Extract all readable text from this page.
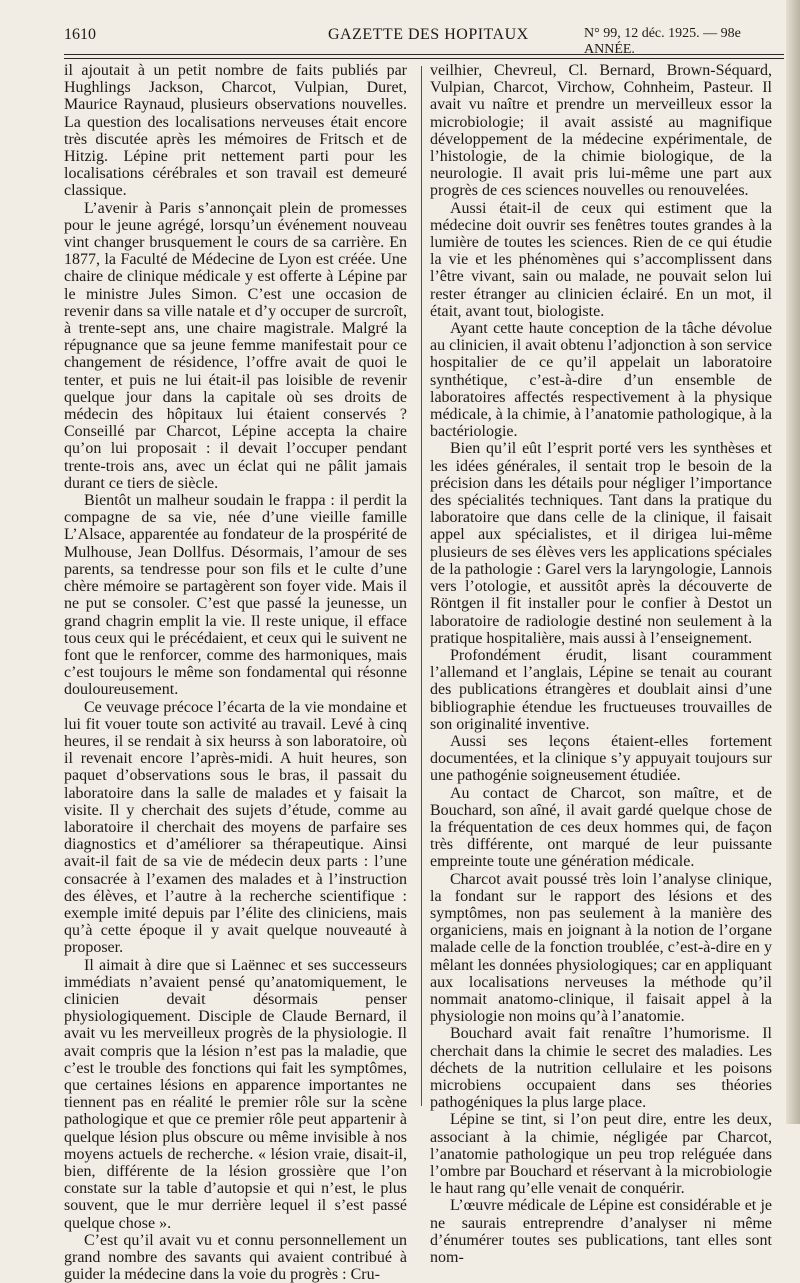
1610	GAZETTE DES HOPITAUX	N° 99, 12 déc. 1925. — 98e ANNÉE.

il ajoutait à un petit nombre de faits publiés par Hughlings Jackson, Charcot, Vulpian, Duret, Maurice Raynaud, plusieurs observations nouvelles. La question des localisations nerveuses était encore très discutée après les mémoires de Fritsch et de Hitzig. Lépine prit nettement parti pour les localisations cérébrales et son travail est demeuré classique.

L’avenir à Paris s’annonçait plein de promesses pour le jeune agrégé, lorsqu’un événement nouveau vint changer brusquement le cours de sa carrière. En 1877, la Faculté de Médecine de Lyon est créée. Une chaire de clinique médicale y est offerte à Lépine par le ministre Jules Simon. C’est une occasion de revenir dans sa ville natale et d’y occuper de surcroît, à trente-sept ans, une chaire magistrale. Malgré la répugnance que sa jeune femme manifestait pour ce changement de résidence, l’offre avait de quoi le tenter, et puis ne lui était-il pas loisible de revenir quelque jour dans la capitale où ses droits de médecin des hôpitaux lui étaient conservés ? Conseillé par Charcot, Lépine accepta la chaire qu’on lui proposait : il devait l’occuper pendant trente-trois ans, avec un éclat qui ne pâlit jamais durant ce tiers de siècle.

Bientôt un malheur soudain le frappa : il perdit la compagne de sa vie, née d’une vieille famille L’Alsace, apparentée au fondateur de la prospérité de Mulhouse, Jean Dollfus. Désormais, l’amour de ses parents, sa tendresse pour son fils et le culte d’une chère mémoire se partagèrent son foyer vide. Mais il ne put se consoler. C’est que passé la jeunesse, un grand chagrin emplit la vie. Il reste unique, il efface tous ceux qui le précédaient, et ceux qui le suivent ne font que le renforcer, comme des harmoniques, mais c’est toujours le même son fondamental qui résonne douloureusement.

Ce veuvage précoce l’écarta de la vie mondaine et lui fit vouer toute son activité au travail. Levé à cinq heures, il se rendait à six heurss à son laboratoire, où il revenait encore l’après-midi. A huit heures, son paquet d’observations sous le bras, il passait du laboratoire dans la salle de malades et y faisait la visite. Il y cherchait des sujets d’étude, comme au laboratoire il cherchait des moyens de parfaire ses diagnostics et d’améliorer sa thérapeutique. Ainsi avait-il fait de sa vie de médecin deux parts : l’une consacrée à l’examen des malades et à l’instruction des élèves, et l’autre à la recherche scientifique : exemple imité depuis par l’élite des cliniciens, mais qu’à cette époque il y avait quelque nouveauté à proposer.

Il aimait à dire que si Laënnec et ses successeurs immédiats n’avaient pensé qu’anatomiquement, le clinicien devait désormais penser physiologiquement. Disciple de Claude Bernard, il avait vu les merveilleux progrès de la physiologie. Il avait compris que la lésion n’est pas la maladie, que c’est le trouble des fonctions qui fait les symptômes, que certaines lésions en apparence importantes ne tiennent pas en réalité le premier rôle sur la scène pathologique et que ce premier rôle peut appartenir à quelque lésion plus obscure ou même invisible à nos moyens actuels de recherche. « lésion vraie, disait-il, bien, différente de la lésion grossière que l’on constate sur la table d’autopsie et qui n’est, le plus souvent, que le mur derrière lequel il s’est passé quelque chose ».

C’est qu’il avait vu et connu personnellement un grand nombre des savants qui avaient contribué à guider la médecine dans la voie du progrès : Cru-

veilhier, Chevreul, Cl. Bernard, Brown-Séquard, Vulpian, Charcot, Virchow, Cohnheim, Pasteur. Il avait vu naître et prendre un merveilleux essor la microbiologie; il avait assisté au magnifique développement de la médecine expérimentale, de l’histologie, de la chimie biologique, de la neurologie. Il avait pris lui-même une part aux progrès de ces sciences nouvelles ou renouvelées.

Aussi était-il de ceux qui estiment que la médecine doit ouvrir ses fenêtres toutes grandes à la lumière de toutes les sciences. Rien de ce qui étudie la vie et les phénomènes qui s’accomplissent dans l’être vivant, sain ou malade, ne pouvait selon lui rester étranger au clinicien éclairé. En un mot, il était, avant tout, biologiste.

Ayant cette haute conception de la tâche dévolue au clinicien, il avait obtenu l’adjonction à son service hospitalier de ce qu’il appelait un laboratoire synthétique, c’est-à-dire d’un ensemble de laboratoires affectés respectivement à la physique médicale, à la chimie, à l’anatomie pathologique, à la bactériologie.

Bien qu’il eût l’esprit porté vers les synthèses et les idées générales, il sentait trop le besoin de la précision dans les détails pour négliger l’importance des spécialités techniques. Tant dans la pratique du laboratoire que dans celle de la clinique, il faisait appel aux spécialistes, et il dirigea lui-même plusieurs de ses élèves vers les applications spéciales de la pathologie : Garel vers la laryngologie, Lannois vers l’otologie, et aussitôt après la découverte de Röntgen il fit installer pour le confier à Destot un laboratoire de radiologie destiné non seulement à la pratique hospitalière, mais aussi à l’enseignement.

Profondément érudit, lisant couramment l’allemand et l’anglais, Lépine se tenait au courant des publications étrangères et doublait ainsi d’une bibliographie étendue les fructueuses trouvailles de son originalité inventive.

Aussi ses leçons étaient-elles fortement documentées, et la clinique s’y appuyait toujours sur une pathogénie soigneusement étudiée.

Au contact de Charcot, son maître, et de Bouchard, son aîné, il avait gardé quelque chose de la fréquentation de ces deux hommes qui, de façon très différente, ont marqué de leur puissante empreinte toute une génération médicale.

Charcot avait poussé très loin l’analyse clinique, la fondant sur le rapport des lésions et des symptômes, non pas seulement à la manière des organiciens, mais en joignant à la notion de l’organe malade celle de la fonction troublée, c’est-à-dire en y mêlant les données physiologiques; car en appliquant aux localisations nerveuses la méthode qu’il nommait anatomo-clinique, il faisait appel à la physiologie non moins qu’à l’anatomie.

Bouchard avait fait renaître l’humorisme. Il cherchait dans la chimie le secret des maladies. Les déchets de la nutrition cellulaire et les poisons microbiens occupaient dans ses théories pathogéniques la plus large place.

Lépine se tint, si l’on peut dire, entre les deux, associant à la chimie, négligée par Charcot, l’anatomie pathologique un peu trop reléguée dans l’ombre par Bouchard et réservant à la microbiologie le haut rang qu’elle venait de conquérir.

L’œuvre médicale de Lépine est considérable et je ne saurais entreprendre d’analyser ni même d’énumérer toutes ses publications, tant elles sont nom-
